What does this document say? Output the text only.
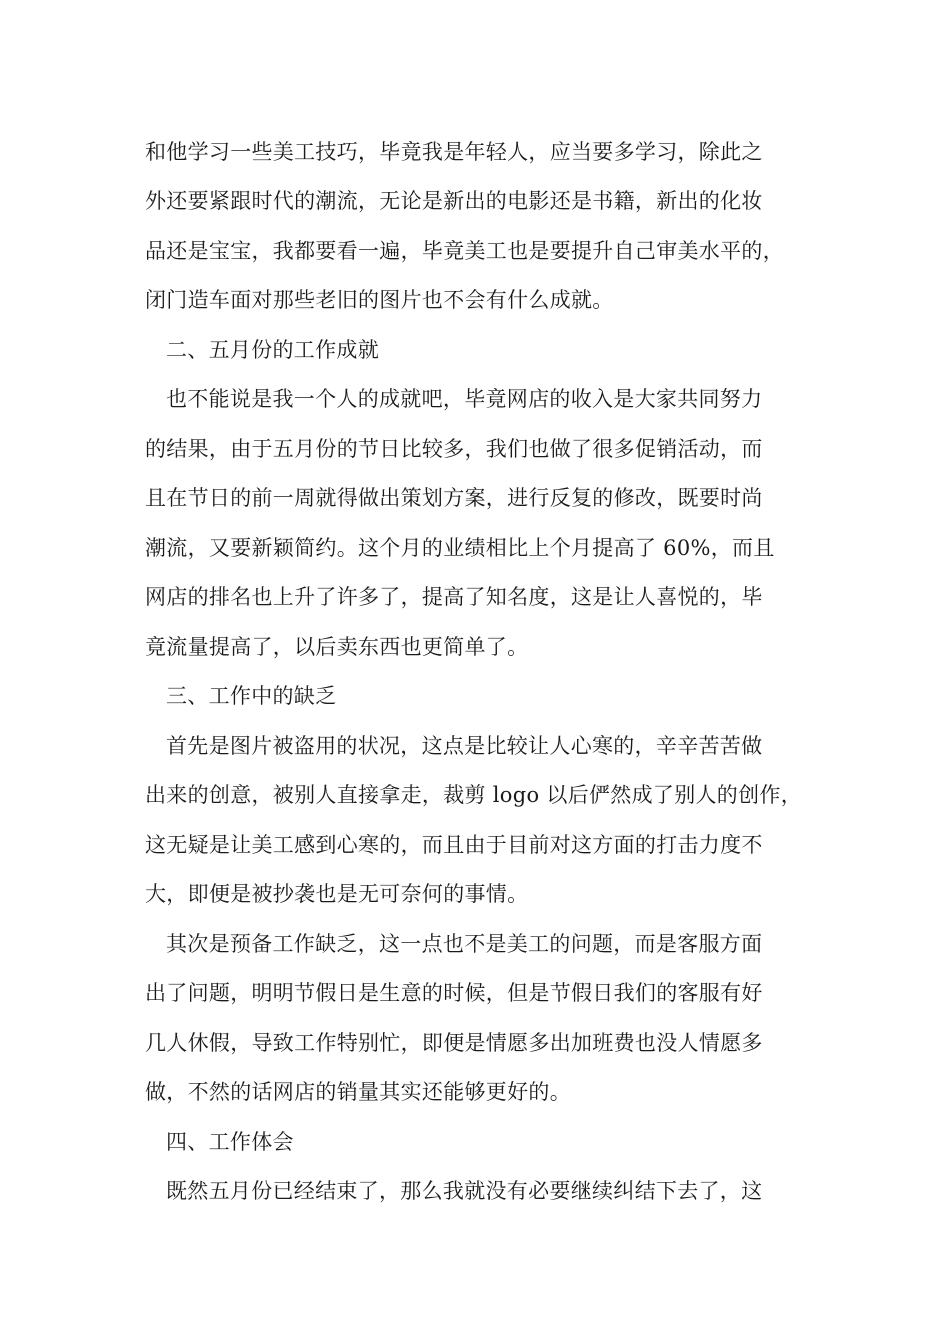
和他学习一些美工技巧，毕竟我是年轻人，应当要多学习，除此之
外还要紧跟时代的潮流，无论是新出的电影还是书籍，新出的化妆
品还是宝宝，我都要看一遍，毕竟美工也是要提升自己审美水平的，
闭门造车面对那些老旧的图片也不会有什么成就。
二、五月份的工作成就
也不能说是我一个人的成就吧，毕竟网店的收入是大家共同努力
的结果，由于五月份的节日比较多，我们也做了很多促销活动，而
且在节日的前一周就得做出策划方案，进行反复的修改，既要时尚
潮流，又要新颖简约。这个月的业绩相比上个月提高了 60%，而且
网店的排名也上升了许多了，提高了知名度，这是让人喜悦的，毕
竟流量提高了，以后卖东西也更简单了。
三、工作中的缺乏
首先是图片被盗用的状况，这点是比较让人心寒的，辛辛苦苦做
出来的创意，被别人直接拿走，裁剪 logo 以后俨然成了别人的创作，
这无疑是让美工感到心寒的，而且由于目前对这方面的打击力度不
大，即便是被抄袭也是无可奈何的事情。
其次是预备工作缺乏，这一点也不是美工的问题，而是客服方面
出了问题，明明节假日是生意的时候，但是节假日我们的客服有好
几人休假，导致工作特别忙，即便是情愿多出加班费也没人情愿多
做，不然的话网店的销量其实还能够更好的。
四、工作体会
既然五月份已经结束了，那么我就没有必要继续纠结下去了，这
